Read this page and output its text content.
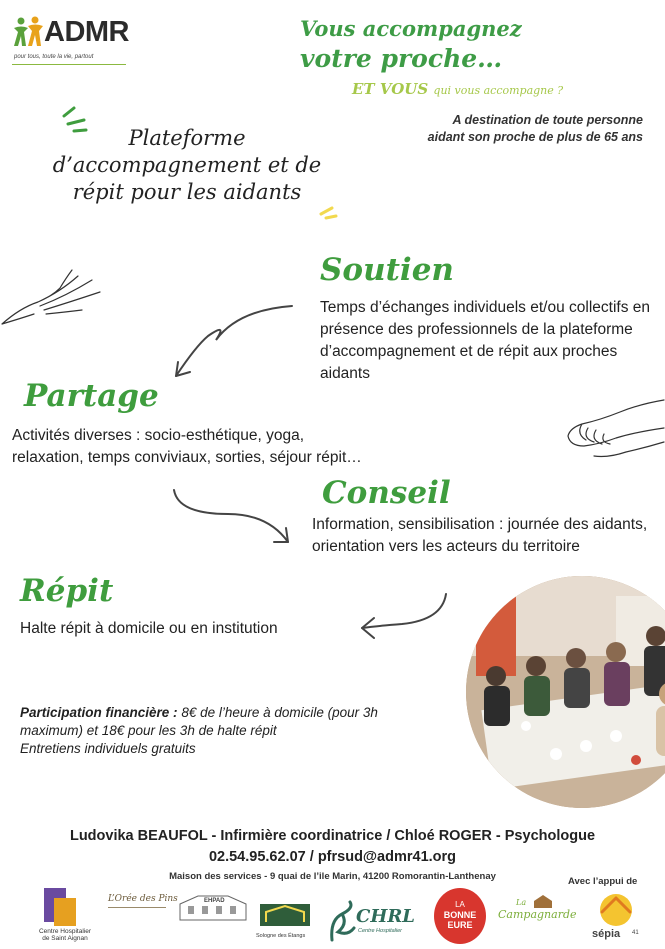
ADMR
pour tous, toute la vie, partout
Vous accompagnez
votre proche…
ET VOUS qui vous accompagne ?
A destination de toute personne
aidant son proche de plus de 65 ans
Plateforme
d’accompagnement et de
répit pour les aidants
Soutien
Temps d’échanges individuels et/ou collectifs en présence des professionnels de la plateforme d’accompagnement et de répit aux proches aidants
Partage
Activités diverses : socio-esthétique, yoga, relaxation, temps conviviaux, sorties, séjour répit…
Conseil
Information, sensibilisation : journée des aidants, orientation vers les acteurs du territoire
Répit
Halte répit à domicile ou en institution
Participation financière : 8€ de l’heure à domicile (pour 3h maximum) et 18€ pour les 3h de halte répit
Entretiens individuels gratuits
Ludovika BEAUFOL - Infirmière coordinatrice / Chloé ROGER - Psychologue
02.54.95.62.07 / pfrsud@admr41.org
Maison des services - 9 quai de l’ile Marin, 41200 Romorantin-Lanthenay	Avec l’appui de
Centre Hospitalier
de Saint Aignan
L’Orée des Pins	EHPAD
Sologne des Étangs
CHRL
Centre Hospitalier
LA
BONNE
EURE
La
Campagnarde
sépia 41
